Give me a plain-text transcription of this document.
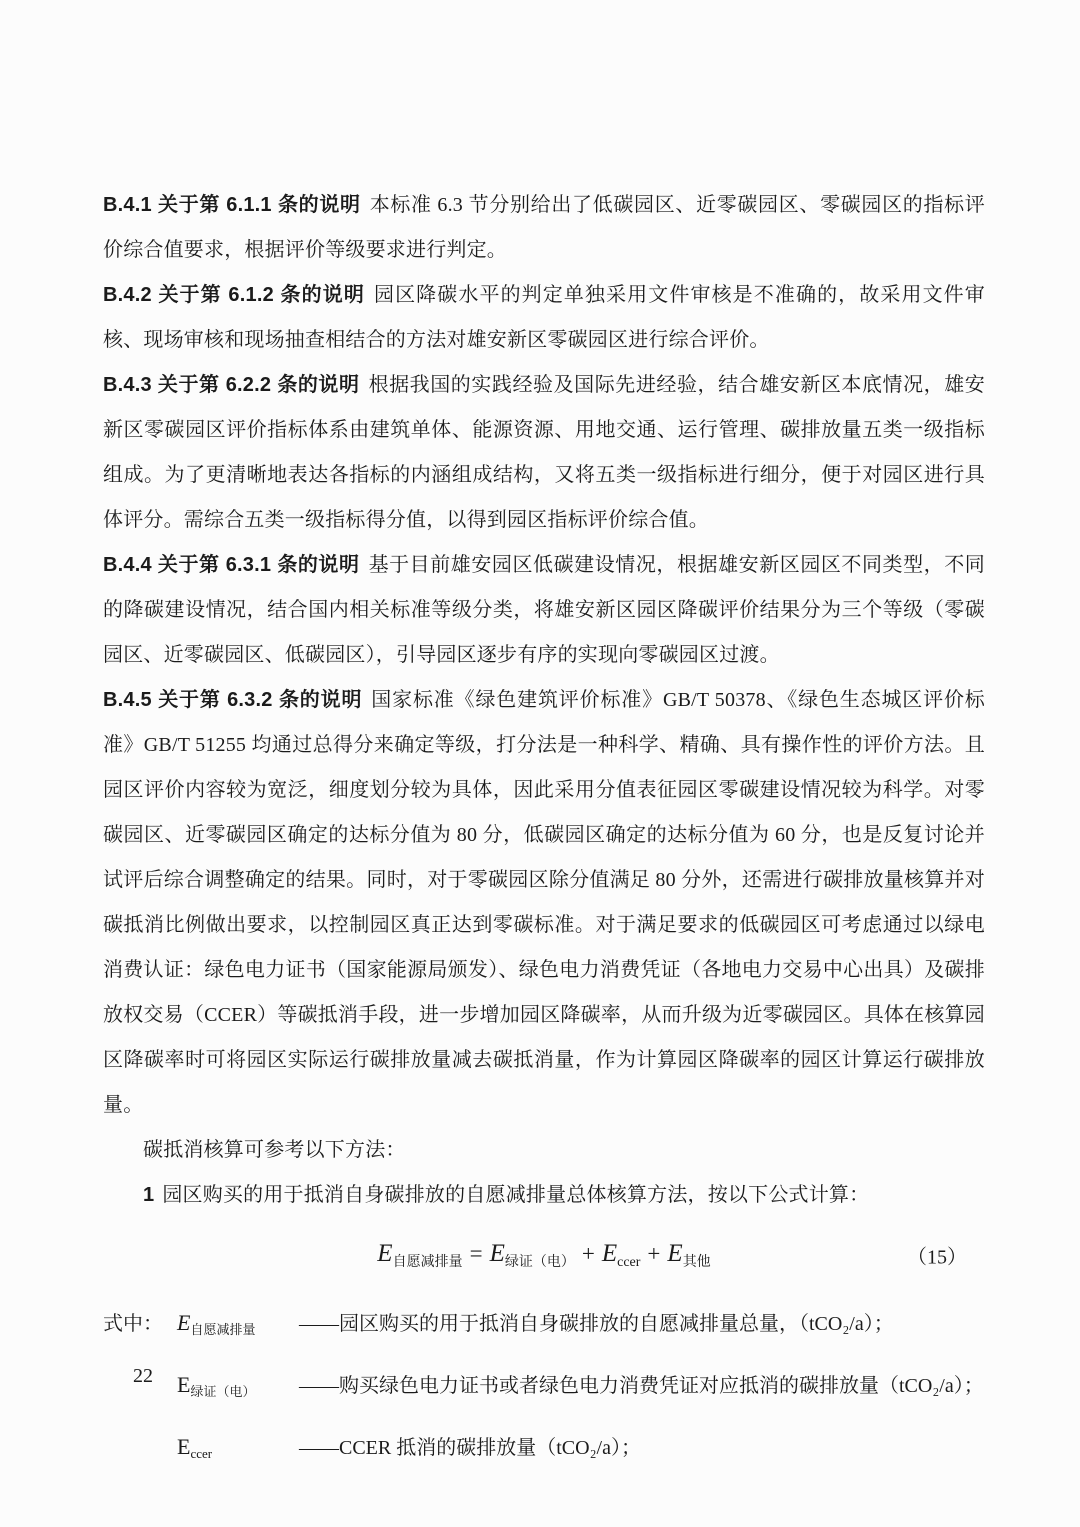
B.4.1 关于第 6.1.1 条的说明 本标准 6.3 节分别给出了低碳园区、近零碳园区、零碳园区的指标评价综合值要求，根据评价等级要求进行判定。

B.4.2 关于第 6.1.2 条的说明 园区降碳水平的判定单独采用文件审核是不准确的，故采用文件审核、现场审核和现场抽查相结合的方法对雄安新区零碳园区进行综合评价。

B.4.3 关于第 6.2.2 条的说明 根据我国的实践经验及国际先进经验，结合雄安新区本底情况，雄安新区零碳园区评价指标体系由建筑单体、能源资源、用地交通、运行管理、碳排放量五类一级指标组成。为了更清晰地表达各指标的内涵组成结构，又将五类一级指标进行细分，便于对园区进行具体评分。需综合五类一级指标得分值，以得到园区指标评价综合值。

B.4.4 关于第 6.3.1 条的说明 基于目前雄安园区低碳建设情况，根据雄安新区园区不同类型，不同的降碳建设情况，结合国内相关标准等级分类，将雄安新区园区降碳评价结果分为三个等级（零碳园区、近零碳园区、低碳园区），引导园区逐步有序的实现向零碳园区过渡。

B.4.5 关于第 6.3.2 条的说明 国家标准《绿色建筑评价标准》GB/T 50378、《绿色生态城区评价标准》GB/T 51255 均通过总得分来确定等级，打分法是一种科学、精确、具有操作性的评价方法。且园区评价内容较为宽泛，细度划分较为具体，因此采用分值表征园区零碳建设情况较为科学。对零碳园区、近零碳园区确定的达标分值为 80 分，低碳园区确定的达标分值为 60 分，也是反复讨论并试评后综合调整确定的结果。同时，对于零碳园区除分值满足 80 分外，还需进行碳排放量核算并对碳抵消比例做出要求，以控制园区真正达到零碳标准。对于满足要求的低碳园区可考虑通过以绿电消费认证：绿色电力证书（国家能源局颁发）、绿色电力消费凭证（各地电力交易中心出具）及碳排放权交易（CCER）等碳抵消手段，进一步增加园区降碳率，从而升级为近零碳园区。具体在核算园区降碳率时可将园区实际运行碳排放量减去碳抵消量，作为计算园区降碳率的园区计算运行碳排放量。

碳抵消核算可参考以下方法：

1 园区购买的用于抵消自身碳排放的自愿减排量总体核算方法，按以下公式计算：

$E_{自愿减排量} = E_{绿证(电)} + E_{ccer} + E_{其他}$	（15）
式中： $E_{自愿减排量}$	——园区购买的用于抵消自身碳排放的自愿减排量总量，（tCO₂/a）；
$E_{绿证(电)}$	——购买绿色电力证书或者绿色电力消费凭证对应抵消的碳排放量（tCO₂/a）；
$E_{ccer}$	——CCER 抵消的碳排放量（tCO₂/a）；
22
